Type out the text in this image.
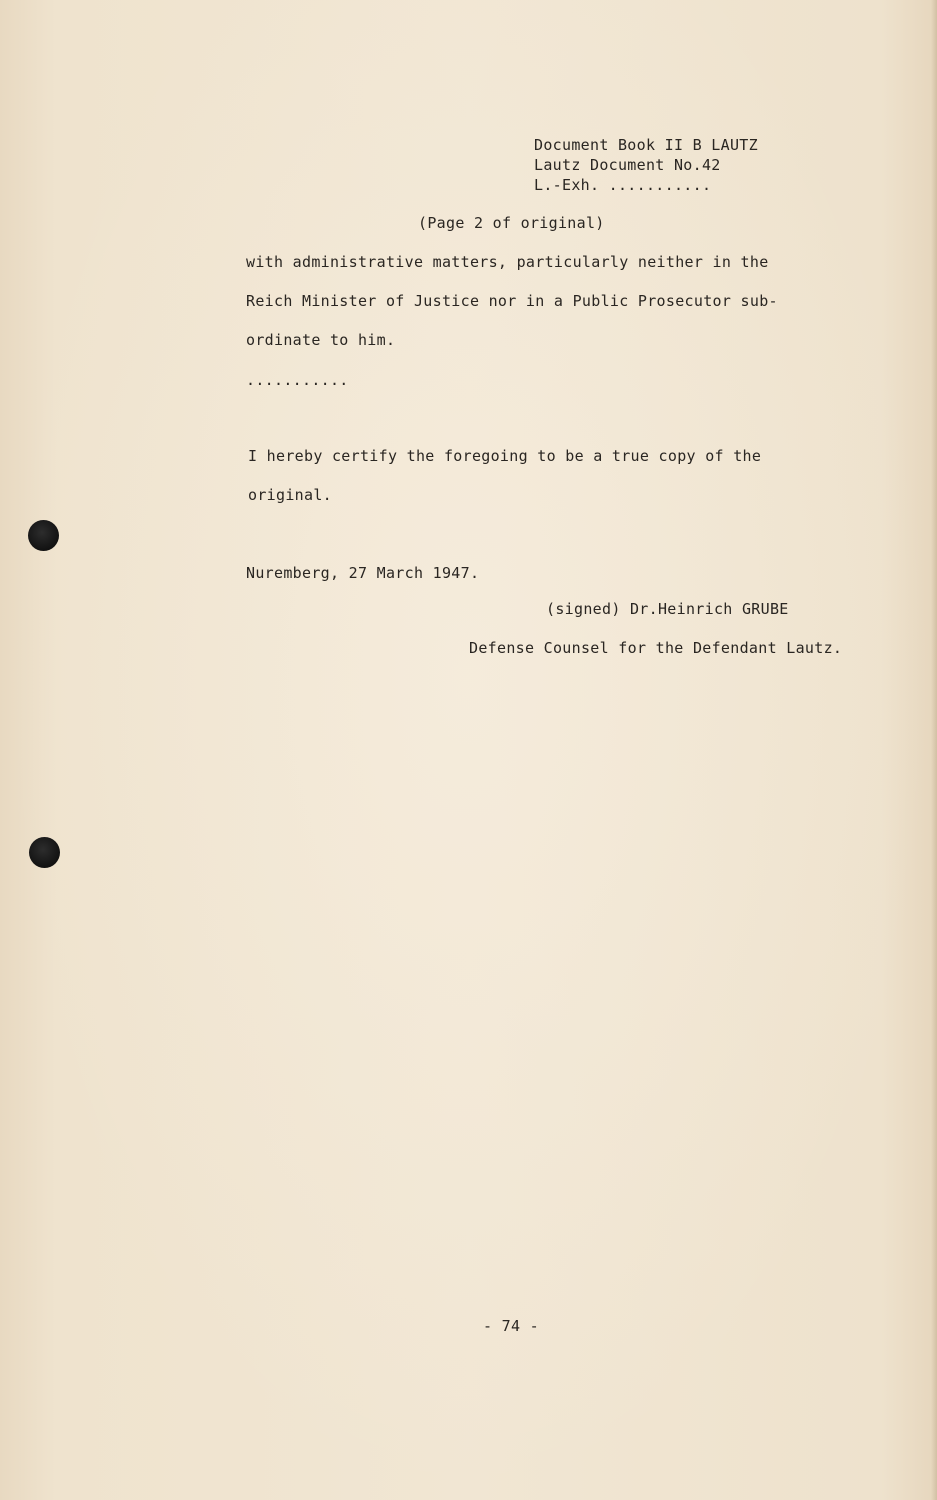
Document Book II B LAUTZ
Lautz Document No.42
L.-Exh. ...........
(Page 2 of original)
with administrative matters, particularly neither in the
Reich Minister of Justice nor in a Public Prosecutor sub-
ordinate to him.
...........
I hereby certify the foregoing to be a true copy of the
original.
Nuremberg, 27 March 1947.
(signed) Dr.Heinrich GRUBE
Defense Counsel for the Defendant Lautz.
- 74 -
